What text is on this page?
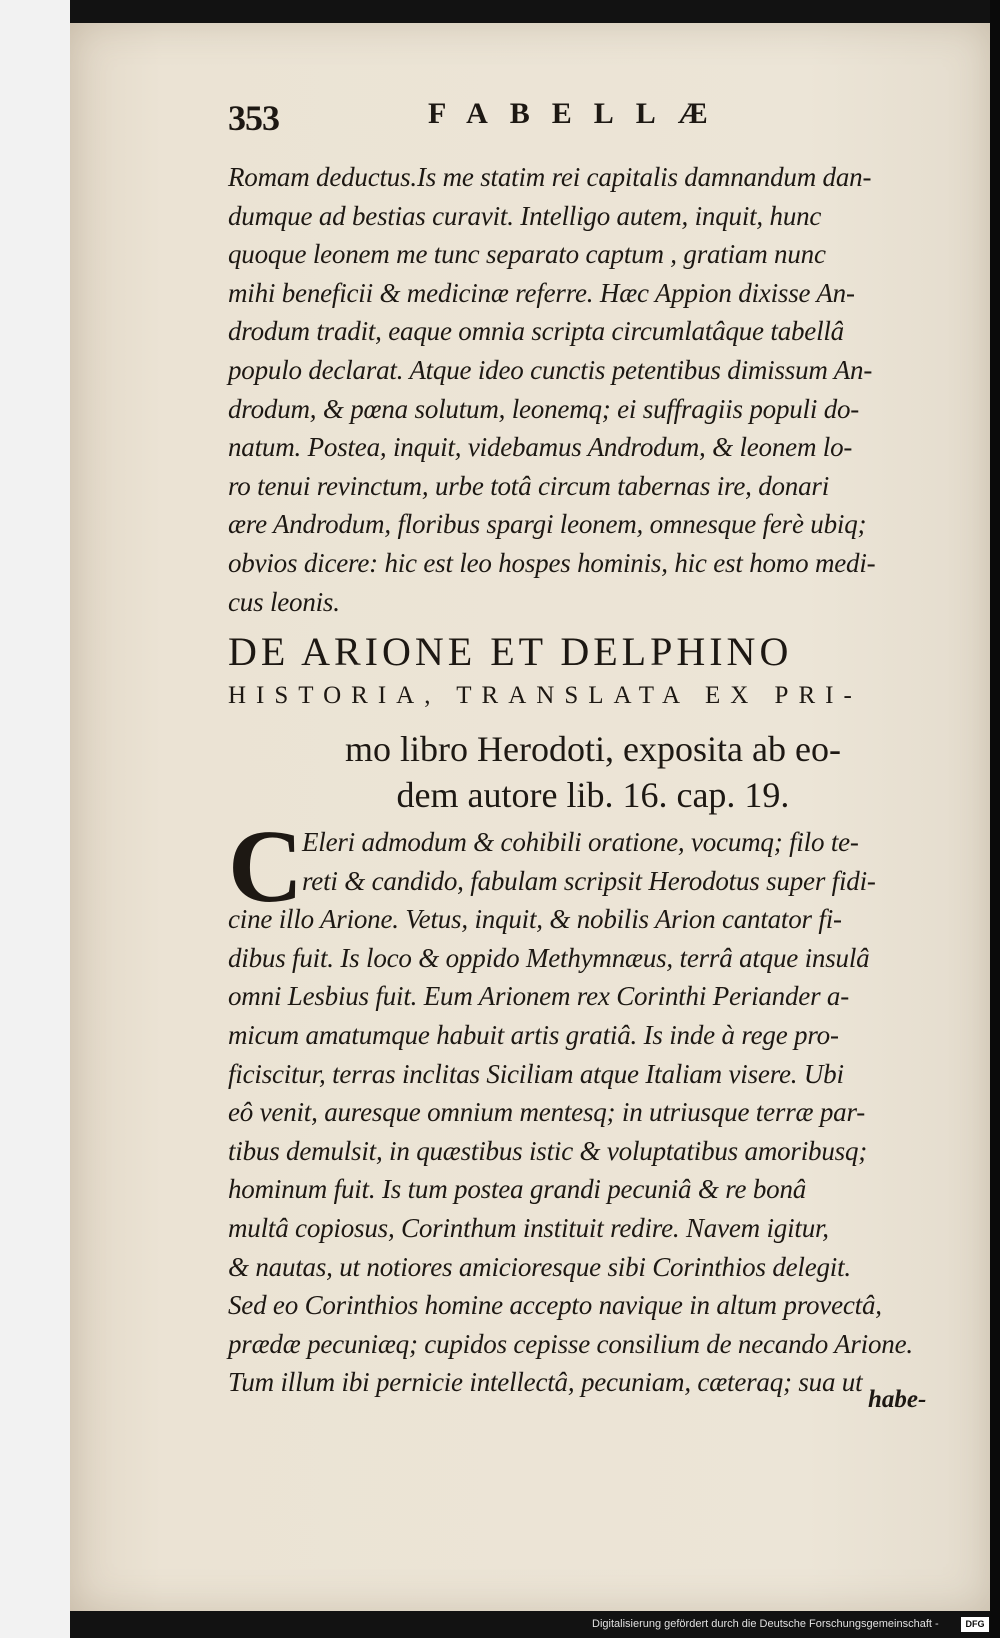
353	FABELLÆ
Romam deductus.Is me statim rei capitalis damnandum dan-
dumque ad bestias curavit. Intelligo autem, inquit, hunc
quoque leonem me tunc separato captum , gratiam nunc
mihi beneficii & medicinæ referre. Hæc Appion dixisse An-
drodum tradit, eaque omnia scripta circumlatâque tabellâ
populo declarat. Atque ideo cunctis petentibus dimissum An-
drodum, & pœna solutum, leonemq; ei suffragiis populi do-
natum. Postea, inquit, videbamus Androdum, & leonem lo-
ro tenui revinctum, urbe totâ circum tabernas ire, donari
ære Androdum, floribus spargi leonem, omnesque ferè ubiq;
obvios dicere: hic est leo hospes hominis, hic est homo medi-
cus leonis.
DE ARIONE ET DELPHINO
HISTORIA, TRANSLATA EX PRI-
mo libro Herodoti, exposita ab eo-
dem autore lib. 16. cap. 19.
C
Eleri admodum & cohibili oratione, vocumq; filo te-
reti & candido, fabulam scripsit Herodotus super fidi-
cine illo Arione. Vetus, inquit, & nobilis Arion cantator fi-
dibus fuit. Is loco & oppido Methymnæus, terrâ atque insulâ
omni Lesbius fuit. Eum Arionem rex Corinthi Periander a-
micum amatumque habuit artis gratiâ. Is inde à rege pro-
ficiscitur, terras inclitas Siciliam atque Italiam visere. Ubi
eô venit, auresque omnium mentesq; in utriusque terræ par-
tibus demulsit, in quæstibus istic & voluptatibus amoribusq;
hominum fuit. Is tum postea grandi pecuniâ & re bonâ
multâ copiosus, Corinthum instituit redire. Navem igitur,
& nautas, ut notiores amicioresque sibi Corinthios delegit.
Sed eo Corinthios homine accepto navique in altum provectâ,
prædæ pecuniæq; cupidos cepisse consilium de necando Arione.
Tum illum ibi pernicie intellectâ, pecuniam, cæteraq; sua ut
habe-
Digitalisierung gefördert durch die Deutsche Forschungsgemeinschaft -	DFG
